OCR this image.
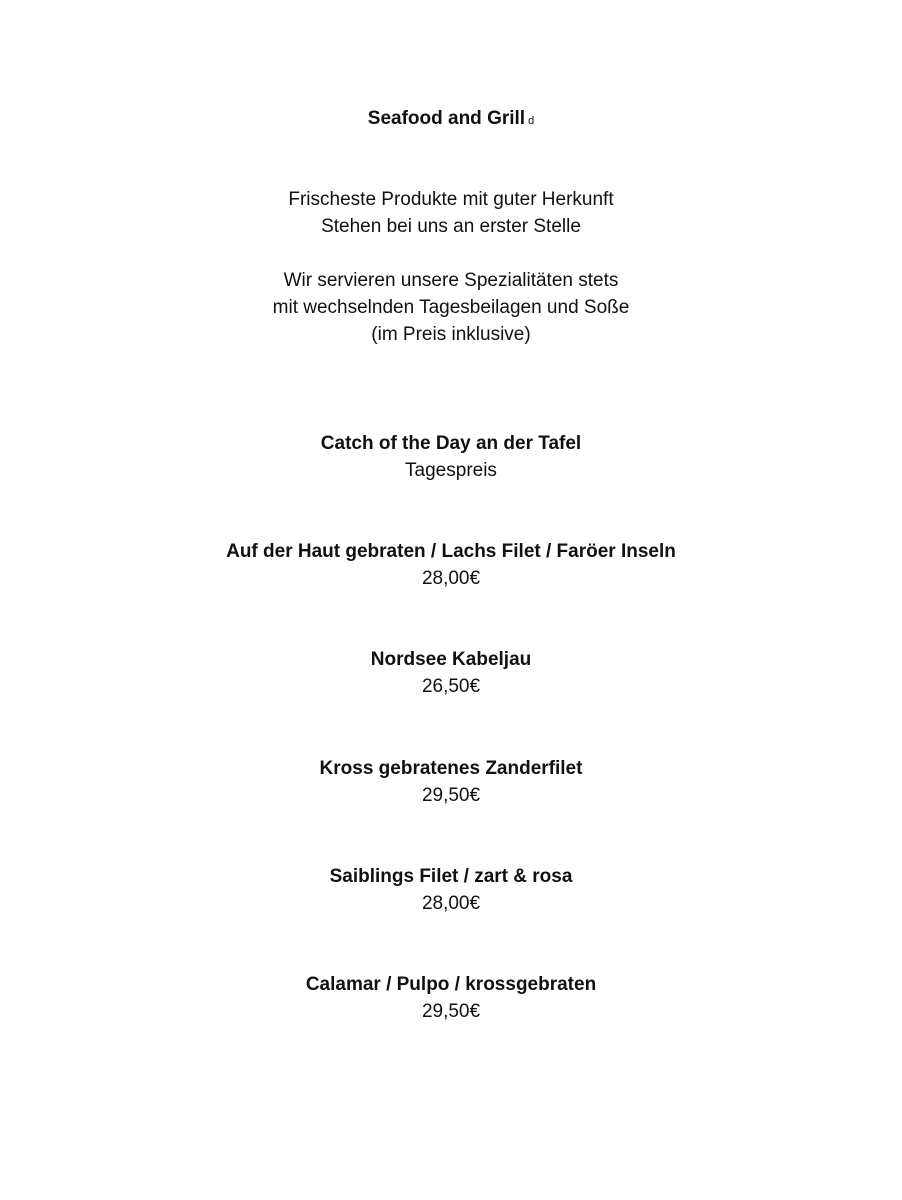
Seafood and Grill d

Frischeste Produkte mit guter Herkunft

Stehen bei uns an erster Stelle

Wir servieren unsere Spezialitäten stets

mit wechselnden Tagesbeilagen und Soße

(im Preis inklusive)

Catch of the Day an der Tafel

Tagespreis

Auf der Haut gebraten / Lachs Filet / Faröer Inseln

28,00€

Nordsee Kabeljau

26,50€

Kross gebratenes Zanderfilet

29,50€

Saiblings Filet / zart & rosa

28,00€

Calamar / Pulpo / krossgebraten

29,50€
